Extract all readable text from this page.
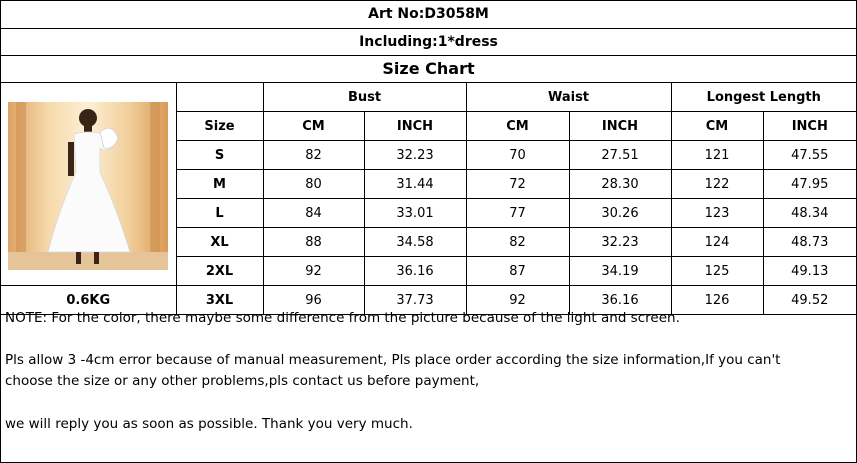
Art No:D3058M
Including:1*dress
Size Chart
		Bust		Waist		Longest Length	
	Size	CM	INCH	CM	INCH	CM	INCH
	S	82	32.23	70	27.51	121	47.55
	M	80	31.44	72	28.30	122	47.95
	L	84	33.01	77	30.26	123	48.34
	XL	88	34.58	82	32.23	124	48.73
	2XL	92	36.16	87	34.19	125	49.13
0.6KG	3XL	96	37.73	92	36.16	126	49.52

NOTE: For the color, there maybe some difference from the picture because of the light and screen.

Pls allow 3 -4cm error because of manual measurement, Pls place order according the size information,If you can't

choose the size or any other problems,pls contact us before payment,

we will reply you as soon as possible. Thank you very much.
